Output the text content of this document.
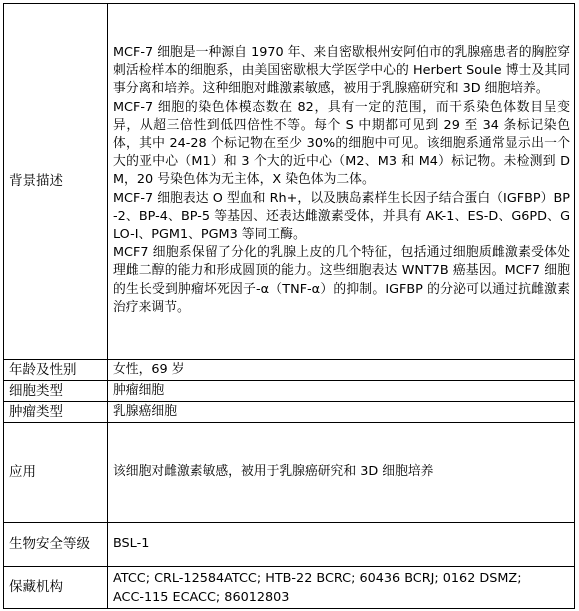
背景描述	MCF-7 细胞是一种源自 1970 年、来自密歇根州安阿伯市的乳腺癌患者的胸腔穿刺活检样本的细胞系，由美国密歇根大学医学中心的 Herbert Soule 博士及其同事分离和培养。这种细胞对雌激素敏感，被用于乳腺癌研究和 3D 细胞培养。

MCF-7 细胞的染色体模态数在 82，具有一定的范围，而干系染色体数目呈变异，从超三倍性到低四倍性不等。每个 S 中期都可见到 29 至 34 条标记染色体，其中 24-28 个标记物在至少 30%的细胞中可见。该细胞系通常显示出一个大的亚中心（M1）和 3 个大的近中心（M2、M3 和 M4）标记物。未检测到 DM，20 号染色体为无主体，X 染色体为二体。

MCF-7 细胞表达 O 型血和 Rh+，以及胰岛素样生长因子结合蛋白（IGFBP）BP-2、BP-4、BP-5 等基因、还表达雌激素受体，并具有 AK-1、ES-D、G6PD、GLO-I、PGM1、PGM3 等同工酶。

MCF7 细胞系保留了分化的乳腺上皮的几个特征，包括通过细胞质雌激素受体处理雌二醇的能力和形成圆顶的能力。这些细胞表达 WNT7B 癌基因。MCF7 细胞的生长受到肿瘤坏死因子-α（TNF-α）的抑制。IGFBP 的分泌可以通过抗雌激素治疗来调节。

年龄及性别	女性，69 岁
细胞类型	肿瘤细胞
肿瘤类型	乳腺癌细胞
应用	该细胞对雌激素敏感，被用于乳腺癌研究和 3D 细胞培养
生物安全等级	BSL-1
保藏机构	ATCC; CRL-12584ATCC; HTB-22 BCRC; 60436 BCRJ; 0162 DSMZ;
ACC-115 ECACC; 86012803
